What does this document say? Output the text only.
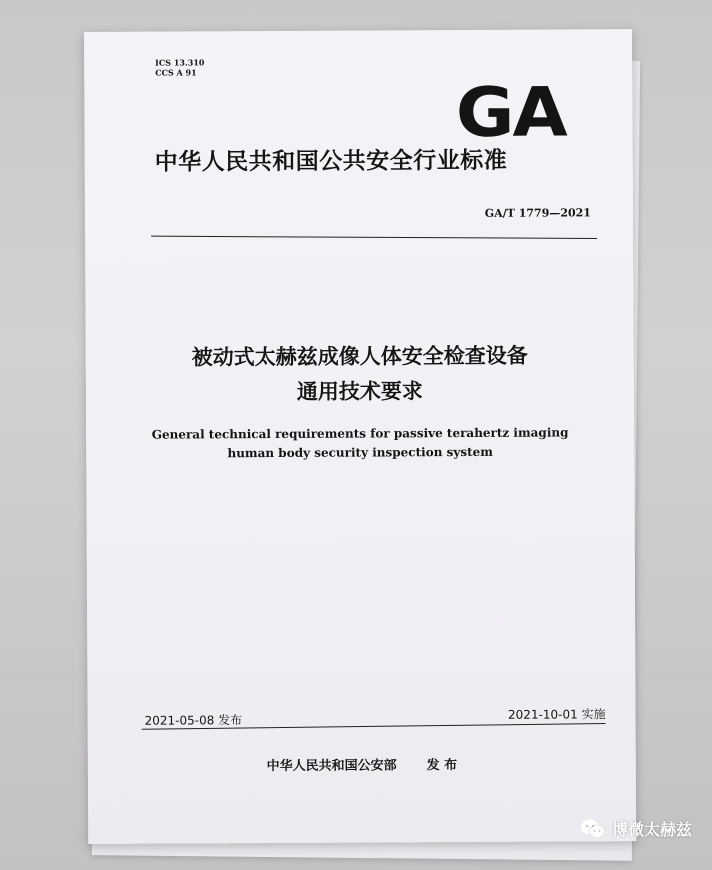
ICS 13.310
CCS A 91
GA
中华人民共和国公共安全行业标准
GA/T 1779—2021
被动式太赫兹成像人体安全检查设备
通用技术要求
General technical requirements for passive terahertz imaging
human body security inspection system
2021-05-08 发布	2021-10-01 实施
中华人民共和国公安部 发 布
博微太赫兹
